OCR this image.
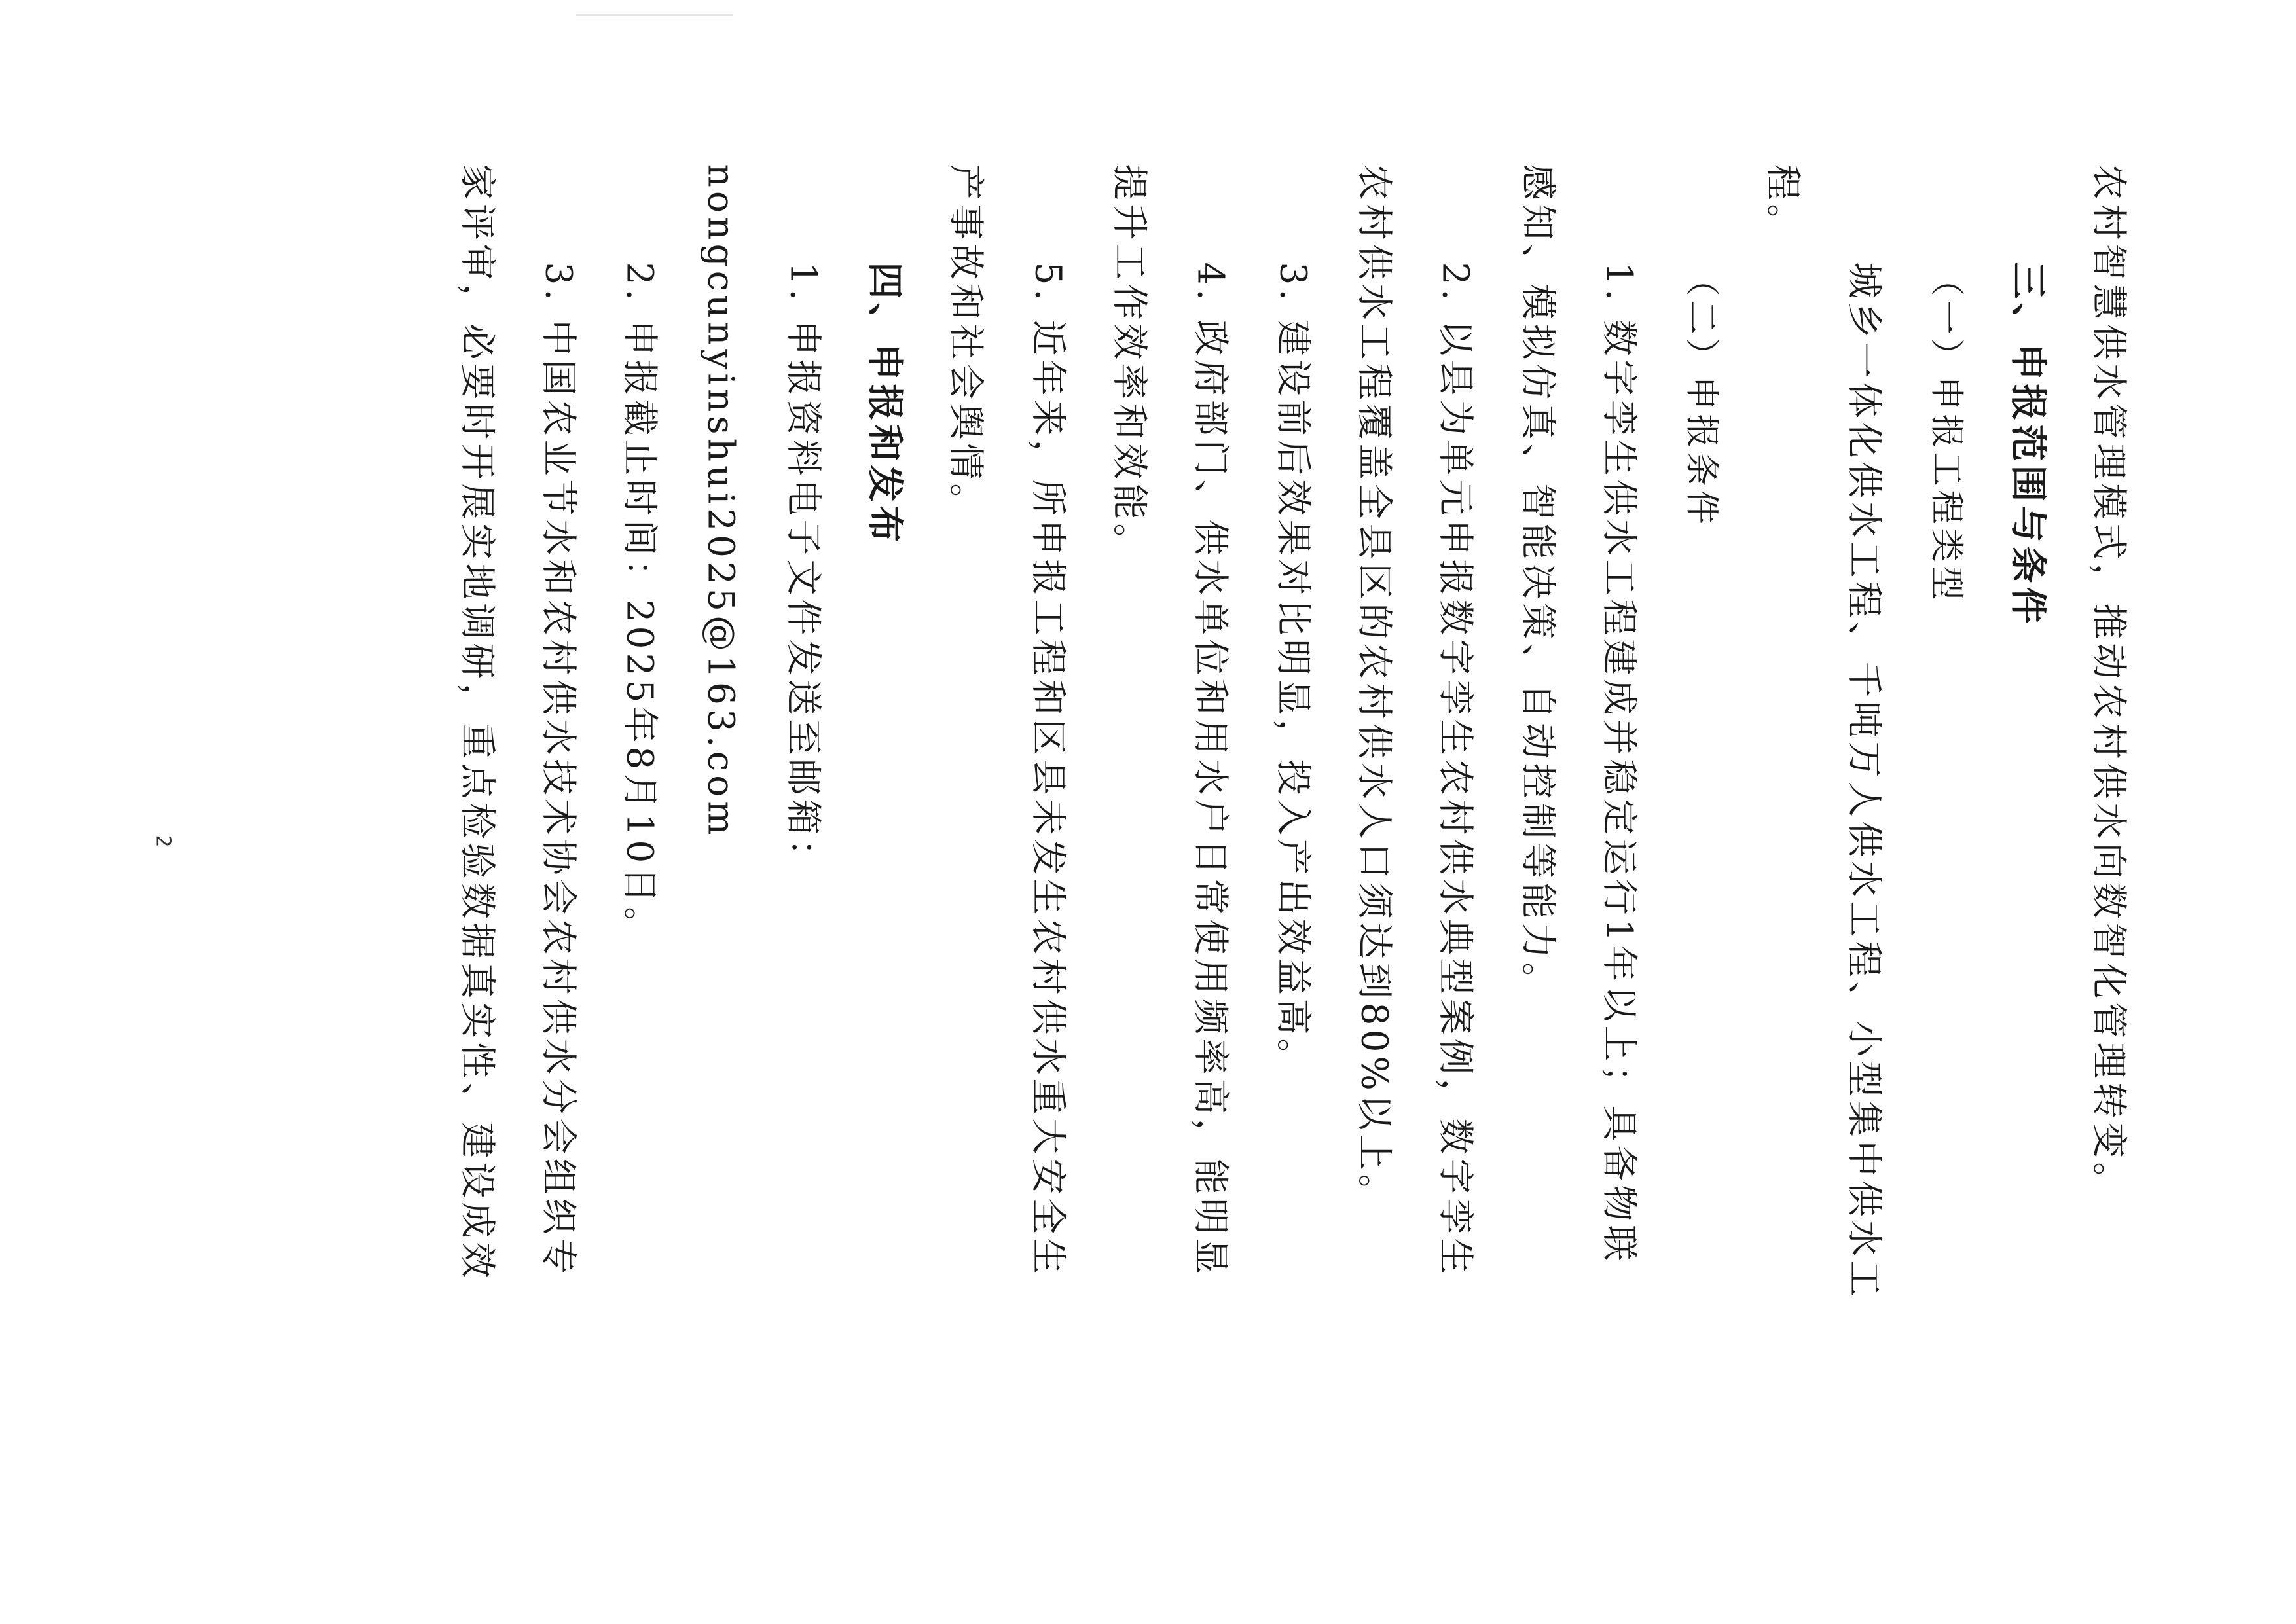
农村智慧供水管理模式，推动农村供水向数智化管理转变。
三、申报范围与条件
（一）申报工程类型
城乡一体化供水工程、千吨万人供水工程、小型集中供水工
程。
（二）申报条件
1. 数字孪生供水工程建成并稳定运行1年以上；具备物联
感知、模拟仿真、智能决策、自动控制等能力。
2. 以县为单元申报数字孪生农村供水典型案例，数字孪生
农村供水工程覆盖全县区的农村供水人口须达到80%以上。
3. 建设前后效果对比明显，投入产出效益高。
4. 政府部门、供水单位和用水户日常使用频率高，能明显
提升工作效率和效能。
5. 近年来，所申报工程和区县未发生农村供水重大安全生
产事故和社会舆情。
四、申报和发布
1. 申报资料电子文件发送至邮箱：
nongcunyinshui2025@163.com
2. 申报截止时间：2025年8月10日。
3. 中国农业节水和农村供水技术协会农村供水分会组织专
家评审，必要时开展实地调研，重点检验数据真实性、建设成效
2
